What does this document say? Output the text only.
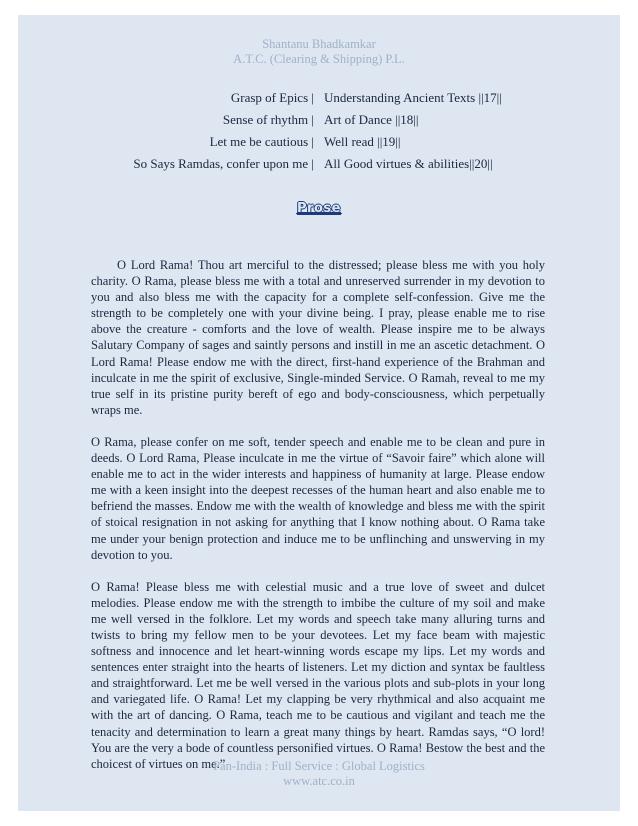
Shantanu Bhadkamkar
A.T.C. (Clearing & Shipping) P.L.
Grasp of Epics | Understanding Ancient Texts ||17||
Sense of rhythm | Art of Dance ||18||
Let me be cautious | Well read ||19||
So Says Ramdas, confer upon me | All Good virtues & abilities||20||
Prose

O Lord Rama! Thou art merciful to the distressed; please bless me with you holy charity. O Rama, please bless me with a total and unreserved surrender in my devotion to you and also bless me with the capacity for a complete self-confession. Give me the strength to be completely one with your divine being. I pray, please enable me to rise above the creature - comforts and the love of wealth. Please inspire me to be always Salutary Company of sages and saintly persons and instill in me an ascetic detachment. O Lord Rama! Please endow me with the direct, first-hand experience of the Brahman and inculcate in me the spirit of exclusive, Single-minded Service. O Ramah, reveal to me my true self in its pristine purity bereft of ego and body-consciousness, which perpetually wraps me.

O Rama, please confer on me soft, tender speech and enable me to be clean and pure in deeds. O Lord Rama, Please inculcate in me the virtue of “Savoir faire” which alone will enable me to act in the wider interests and happiness of humanity at large. Please endow me with a keen insight into the deepest recesses of the human heart and also enable me to befriend the masses. Endow me with the wealth of knowledge and bless me with the spirit of stoical resignation in not asking for anything that I know nothing about. O Rama take me under your benign protection and induce me to be unflinching and unswerving in my devotion to you.

O Rama! Please bless me with celestial music and a true love of sweet and dulcet melodies. Please endow me with the strength to imbibe the culture of my soil and make me well versed in the folklore. Let my words and speech take many alluring turns and twists to bring my fellow men to be your devotees. Let my face beam with majestic softness and innocence and let heart-winning words escape my lips. Let my words and sentences enter straight into the hearts of listeners. Let my diction and syntax be faultless and straightforward. Let me be well versed in the various plots and sub-plots in your long and variegated life. O Rama! Let my clapping be very rhythmical and also acquaint me with the art of dancing. O Rama, teach me to be cautious and vigilant and teach me the tenacity and determination to learn a great many things by heart. Ramdas says, “O lord! You are the very a bode of countless personified virtues. O Rama! Bestow the best and the choicest of virtues on me.”

Pan-India : Full Service : Global Logistics
www.atc.co.in
